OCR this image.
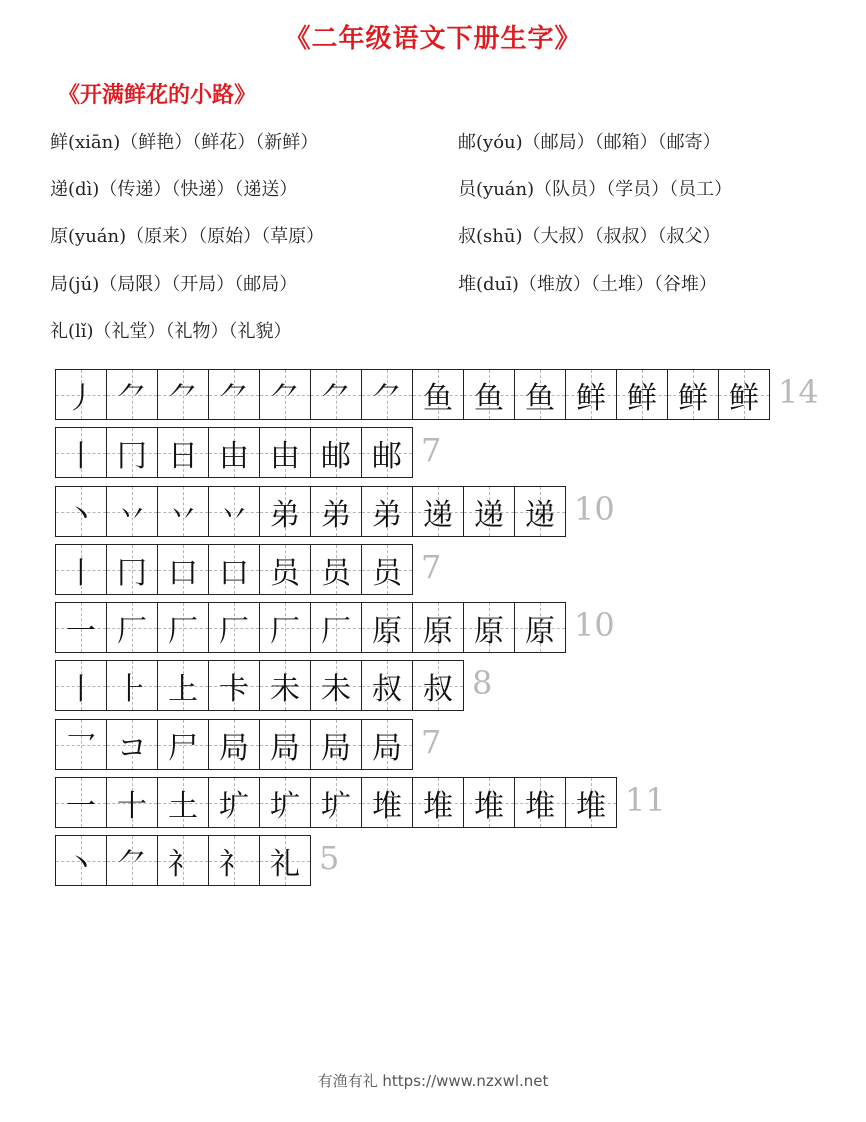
《二年级语文下册生字》
《开满鲜花的小路》
鲜(xiān)（鲜艳）（鲜花）（新鲜）
递(dì)（传递）（快递）（递送）
原(yuán)（原来）（原始）（草原）
局(jú)（局限）（开局）（邮局）
礼(lǐ)（礼堂）（礼物）（礼貌）
邮(yóu)（邮局）（邮箱）（邮寄）
员(yuán)（队员）（学员）（员工）
叔(shū)（大叔）（叔叔）（叔父）
堆(duī)（堆放）（土堆）（谷堆）
丿 ⺈ ⺈ ⺈ ⺈ ⺈ ⺈ 鱼 鱼 鱼 鲜 鲜 鲜 鲜 14
丨 冂 日 由 由 邮 邮 7
丶 丷 丷 丷 弟 弟 弟 递 递 递 10
丨 冂 口 口 员 员 员 7
一 厂 厂 厂 厂 厂 原 原 原 原 10
丨 ⺊ 上 卡 未 未 叔 叔 8
乛 コ 尸 局 局 局 局 7
一 十 土 圹 圹 圹 堆 堆 堆 堆 堆 11
丶 ⺈ 礻 礻 礼 5
有渔有礼 https://www.nzxwl.net
